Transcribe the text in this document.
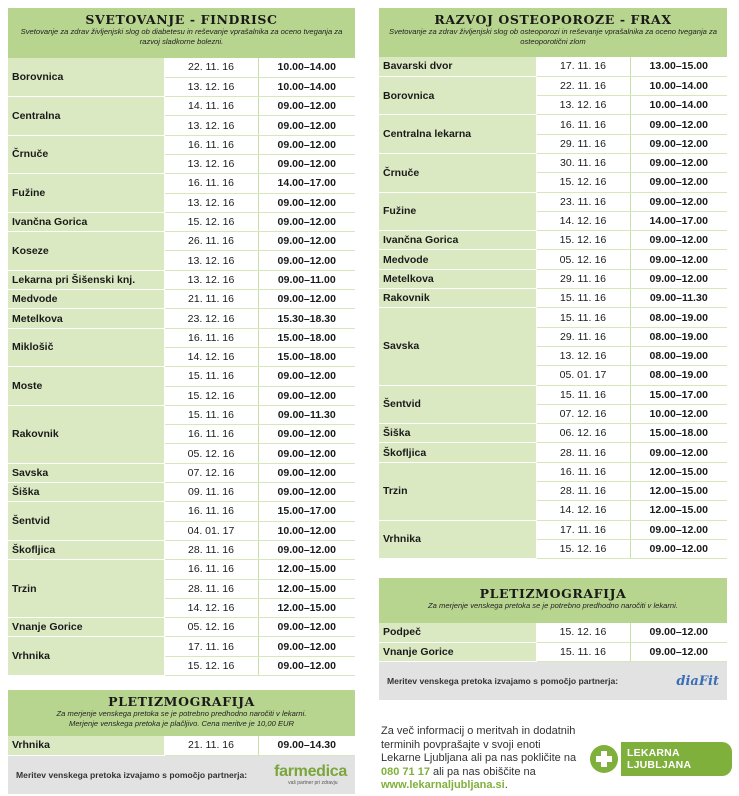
SVETOVANJE - FINDRISC
Svetovanje za zdrav življenjski slog ob diabetesu in reševanje vprašalnika za oceno tveganja za razvoj sladkorne bolezni.
Borovnica	22. 11. 16	10.00–14.00
	13. 12. 16	10.00–14.00
Centralna	14. 11. 16	09.00–12.00
	13. 12. 16	09.00–12.00
Črnuče	16. 11. 16	09.00–12.00
	13. 12. 16	09.00–12.00
Fužine	16. 11. 16	14.00–17.00
	13. 12. 16	09.00–12.00
Ivančna Gorica	15. 12. 16	09.00–12.00
Koseze	26. 11. 16	09.00–12.00
	13. 12. 16	09.00–12.00
Lekarna pri Šišenski knj.	13. 12. 16	09.00–11.00
Medvode	21. 11. 16	09.00–12.00
Metelkova	23. 12. 16	15.30–18.30
Miklošič	16. 11. 16	15.00–18.00
	14. 12. 16	15.00–18.00
Moste	15. 11. 16	09.00–12.00
	15. 12. 16	09.00–12.00
Rakovnik	15. 11. 16	09.00–11.30
	16. 11. 16	09.00–12.00
	05. 12. 16	09.00–12.00
Savska	07. 12. 16	09.00–12.00
Šiška	09. 11. 16	09.00–12.00
Šentvid	16. 11. 16	15.00–17.00
	04. 01. 17	10.00–12.00
Škofljica	28. 11. 16	09.00–12.00
Trzin	16. 11. 16	12.00–15.00
	28. 11. 16	12.00–15.00
	14. 12. 16	12.00–15.00
Vnanje Gorice	05. 12. 16	09.00–12.00
Vrhnika	17. 11. 16	09.00–12.00
	15. 12. 16	09.00–12.00
RAZVOJ OSTEOPOROZE - FRAX
Svetovanje za zdrav življenjski slog ob osteoporozi in reševanje vprašalnika za oceno tveganja za osteoporotični zlom
Bavarski dvor	17. 11. 16	13.00–15.00
Borovnica	22. 11. 16	10.00–14.00
	13. 12. 16	10.00–14.00
Centralna lekarna	16. 11. 16	09.00–12.00
	29. 11. 16	09.00–12.00
Črnuče	30. 11. 16	09.00–12.00
	15. 12. 16	09.00–12.00
Fužine	23. 11. 16	09.00–12.00
	14. 12. 16	14.00–17.00
Ivančna Gorica	15. 12. 16	09.00–12.00
Medvode	05. 12. 16	09.00–12.00
Metelkova	29. 11. 16	09.00–12.00
Rakovnik	15. 11. 16	09.00–11.30
Savska	15. 11. 16	08.00–19.00
	29. 11. 16	08.00–19.00
	13. 12. 16	08.00–19.00
	05. 01. 17	08.00–19.00
Šentvid	15. 11. 16	15.00–17.00
	07. 12. 16	10.00–12.00
Šiška	06. 12. 16	15.00–18.00
Škofljica	28. 11. 16	09.00–12.00
Trzin	16. 11. 16	12.00–15.00
	28. 11. 16	12.00–15.00
	14. 12. 16	12.00–15.00
Vrhnika	17. 11. 16	09.00–12.00
	15. 12. 16	09.00–12.00
PLETIZMOGRAFIJA
Za merjenje venskega pretoka se je potrebno predhodno naročiti v lekarni.
Podpeč	15. 12. 16	09.00–12.00
Vnanje Gorice	15. 11. 16	09.00–12.00
Meritev venskega pretoka izvajamo s pomočjo partnerja:	diaFit
PLETIZMOGRAFIJA
Za merjenje venskega pretoka se je potrebno predhodno naročiti v lekarni.
Merjenje venskega pretoka je plačljivo. Cena meritve je 10,00 EUR
Vrhnika	21. 11. 16	09.00–14.30
Meritev venskega pretoka izvajamo s pomočjo partnerja:	farmedica
vaš partner pri zdravju
Za več informacij o meritvah in dodatnih terminih povprašajte v svoji enoti Lekarne Ljubljana ali pa nas pokličite na 080 71 17 ali pa nas obiščite na www.lekarnaljubljana.si.
LEKARNA LJUBLJANA
